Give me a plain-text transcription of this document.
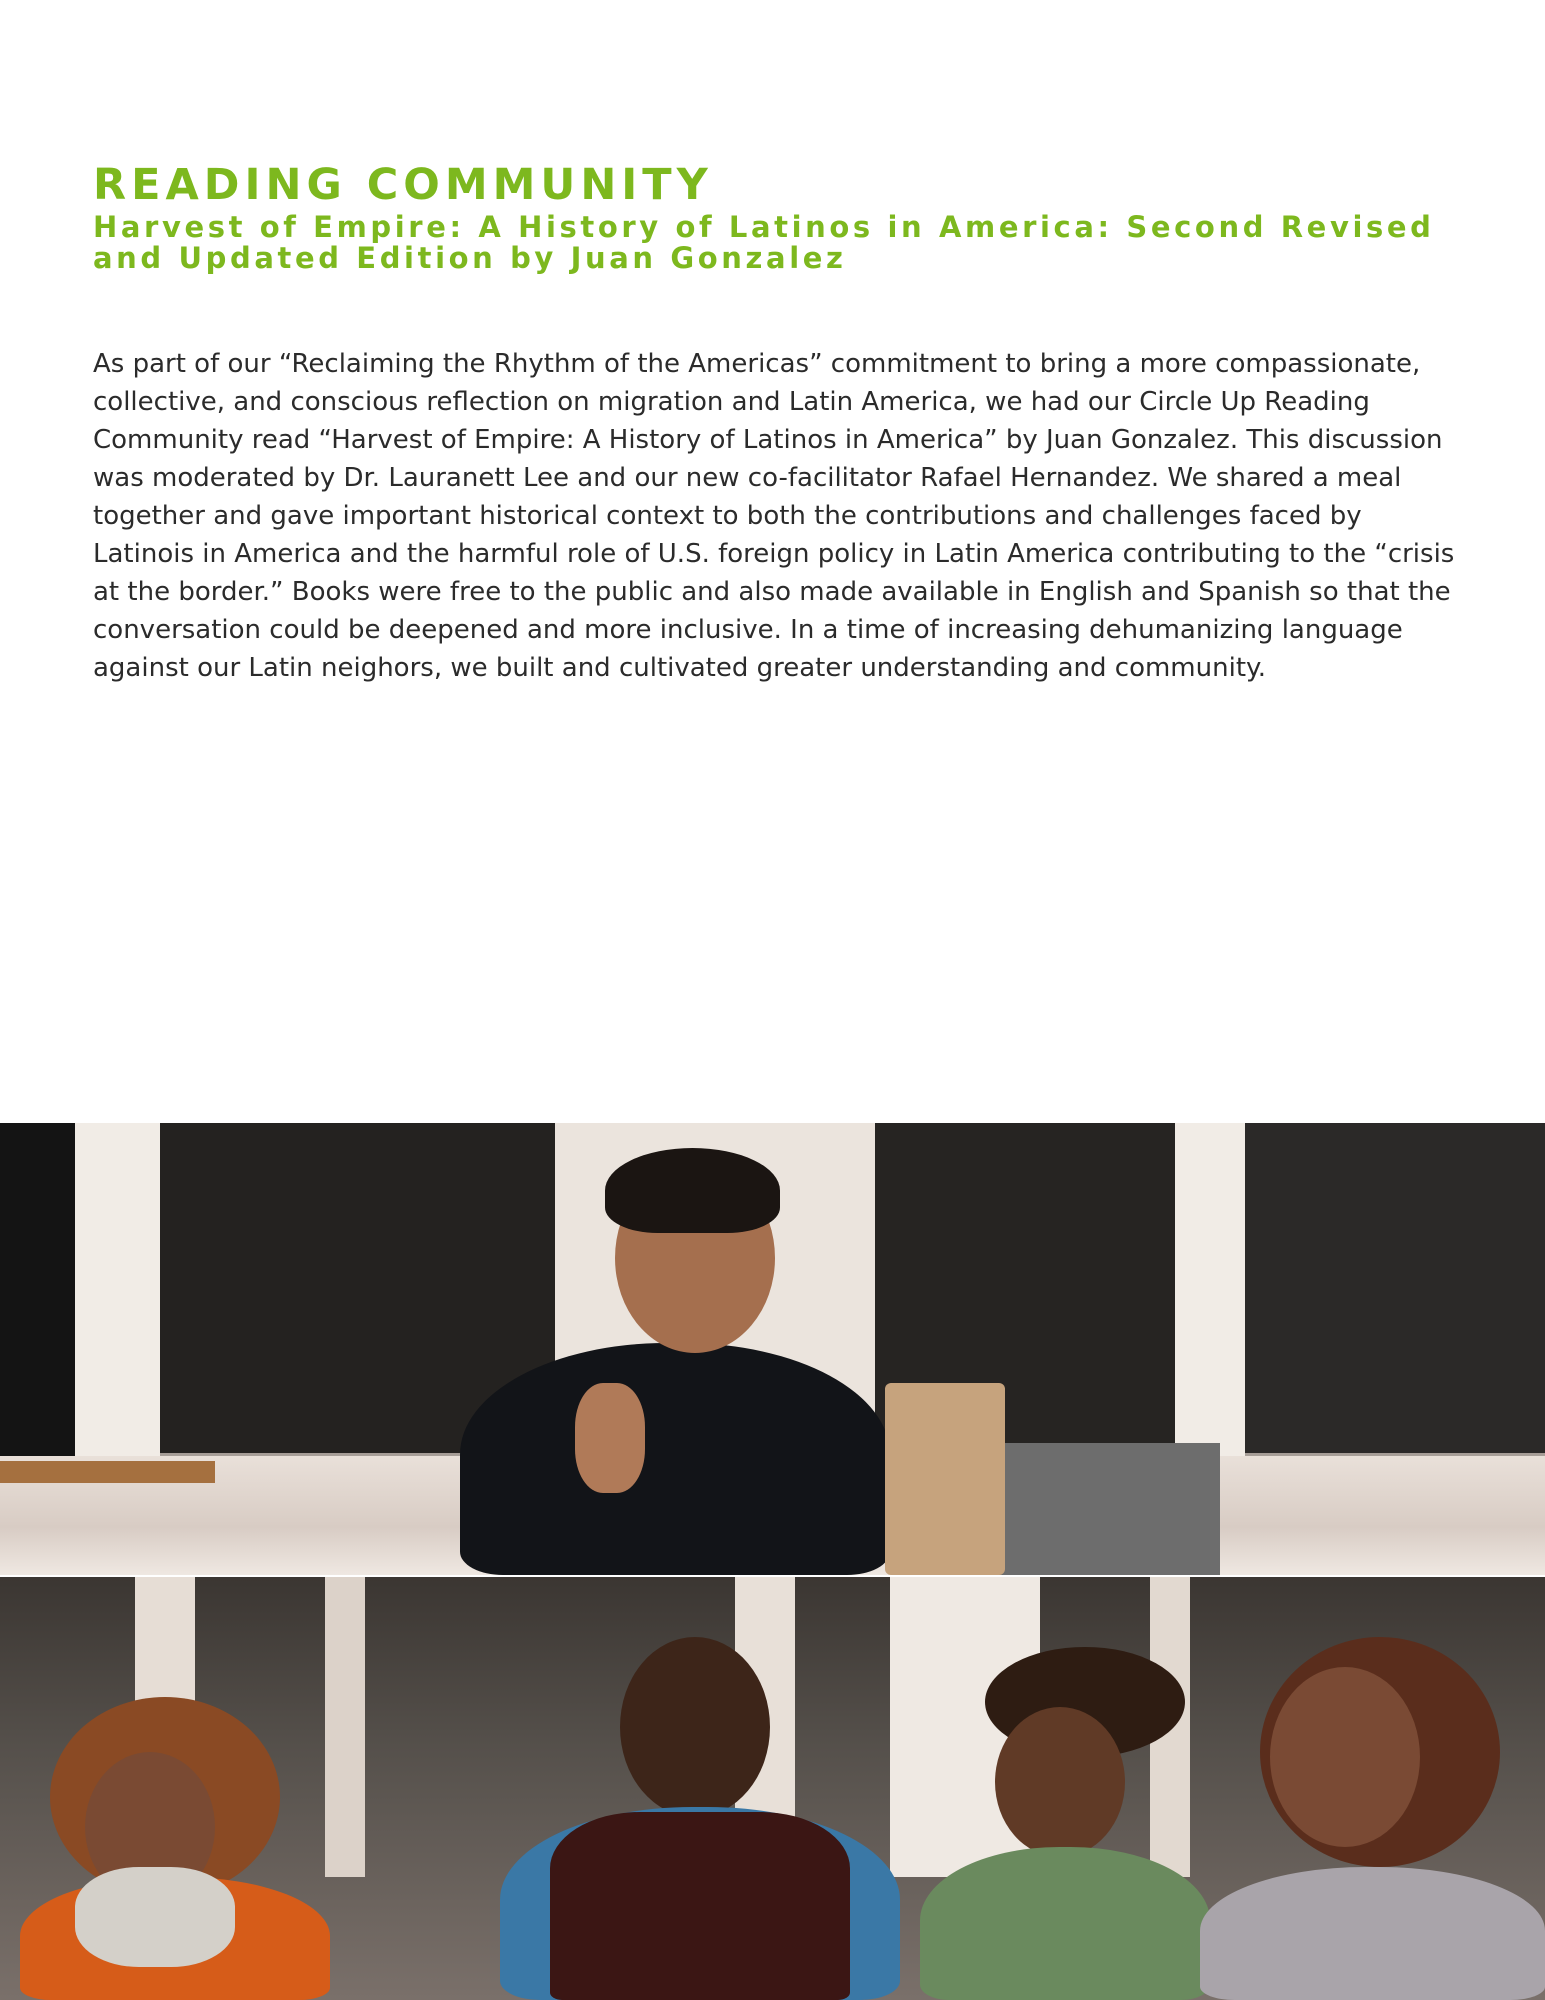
READING COMMUNITY
Harvest of Empire: A History of Latinos in America: Second Revised and Updated Edition by Juan Gonzalez

As part of our “Reclaiming the Rhythm of the Americas” commitment to bring a more compassionate, collective, and conscious reflection on migration and Latin America, we had our Circle Up Reading Community read “Harvest of Empire: A History of Latinos in America” by Juan Gonzalez. This discussion was moderated by Dr. Lauranett Lee and our new co-facilitator Rafael Hernandez. We shared a meal together and gave important historical context to both the contributions and challenges faced by Latinois in America and the harmful role of U.S. foreign policy in Latin America contributing to the “crisis at the border.” Books were free to the public and also made available in English and Spanish so that the conversation could be deepened and more inclusive. In a time of increasing dehumanizing language against our Latin neighors, we built and cultivated greater understanding and community.
